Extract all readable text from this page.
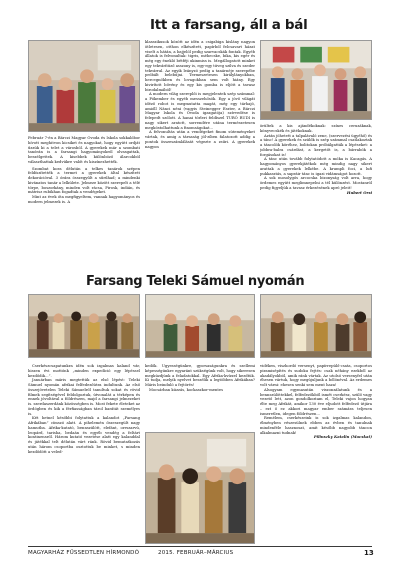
Itt a farsang, áll a bál

Február 7-én a Bárczi Magyar Óvoda és Iskola sokkalóbor hívott meghitvon kicsiket és nagyokat, hogy együtt ordját űzzük ki a telet a városból. A gyerekek már a szombati tanórán is a farsangi hagyományokról olvasgattak, beszélgettek. A kisebbek különböző álarcokból választhattak kedvükre valót és kiszínezhették.

Szombat kora délután a telkes tanárok szépen feldíszítették a termet a gyerekek által készített dekorációval. 3 órára összegyűlt a sűrűhad; a mindenki kivánatos tanár a lelkülete. Jelmeze között szerepelt a télé törpe, boszorkány, minden volt rácsa, Pirosk, indián, és mátrisz rubikhan fogadtak a vendégeket.

Mint az évek óta megfigyeltem, vannak hagyományos és modern jelmezek is. A

klasszikusok között az idén a csigabiga kislány nagyon ötletesen, otthon elkészített, papírból felcsavart házat viselt a hátán, a bajjelöl pedig szarvacskák fontak. Egyéb állatok is felvonultak: tigris, méhecske, bika, kis egér és még egy énekló bétféji ukinmiss is. Megállogatott minket egy tekvárítüző asszony is, egy-egy tüveg szilva és szeder tekvárral. Az egyik leányzó pedig a tanárnéje szerepébe próbált belebújni. Termeszetesen királylányokban, hercegnőkben és lovagokban sem volt hiány. Egy kivirított bővény és egy kis gomba is eljött a tavasz birodalmából!

A modern világ szereplői is megjelentek szép számmal: a Pókember és egyéb messzehősök. Egy a jövő világát idéző robot is megmutatta magát, még egy tárhajó, amióll Nánci néni (vagyis Steinegger Eszter, a Bárczi Magyar Iskola és Óvoda igazgatója) szívvedése is felepedt szólott. A hanai törleri feldíszel TURÓ RUDI is nagy sikert aratott, sorrendére utána természetesen megkóstolhattunk a finomságokat...

A felvonultás után a vendégeket finom süteményeket vártak, és amig a társaság jól-zíben falatozott addig a pontok összeszámlálását végezte a zsűri. A gyerekek nagyon

örültek a kis ajándékoknak: színes ceruzáknak, könyvecskék és játékoknak.

Aztán jöhetett a talpalávaló zene, (szervezési ügyéhő) és a tánc! A gyerekek és szülők is szép számmal csatlakoztak a táncolók köréhez, bolitokan próbálgatták a lépéseket: a jobbra-balra csárdást, a kergetőt is, a bárrabók a forgásokat is!

A tánc után tovább folytatódott a móka is Kacagás. A hagyományos gyerekjátékok még mindig nagy sikert arattak a gyerekek lelkébe. A krumpli foci, a lufi pukkasztás, a sapráir tánc is igazi vidámságot hozott.

A sok mosolygós arcocska bizonyság volt arra, hogy ördemes együtt meglimnepelni a tél különzést. Mostanról pedig figyeljük a tavasz érkezésének apró jeleit!

Hubert Orsi

Farsang Teleki Sámuel nyomán

Cserkészcsapatunkra idén sok izgalmas kaland vár, hiszen évi mottónk „minden expedíció egy lépéssel kezdődik...”.

Januárban máris megtettük az első lépést: Teleki Sámuel nyomán afrikai felfedezőútra indultunk. Az első összejövetelen Teleki Sámuelről tanultuk sokat és rövid filmek segítségével feldolgoztuk, útvonalát a térképen és ennek jóvoltával a földrészen, majd a farsangi jelmezeket is. szerdaszerdánk közösségben is. Most fekete életeket az ördögben és kik a férfiasságban tárol barátát személyes is.

Két hetnel későbbi folytattuk a kalandot „Farsang Afrikában” címszó alatt. A pihelemén őszeszegült nagy hamutba. Afrika-kutató, bennszülött, elefánt, orrszarvú, leopárd, tarisha, bedaán és egyéb vendég a feltárt kontinensről. Három kutató vezetése alatt egy kalanddal és játékkal telt délután várt ránk. Rövid bemutatkozás után három csoportba osztottuk be minket, s minden kezdődött a veled-

kedők. Ügyességünkre, gyorsaságunkra és szellemi képességünkre egyaránt szükségünk volt, hogy sikeresen megküzdjünk a feladatokkal. Egy Afrika-kvízzel kezdtük. Ki tudja, melyik nyelvet beszélik a legtöbben Afrikában? Máris beinduló a fejtörés!

Mocsárban küzzás, kockaszkor-mentes

vidéken, viszhordó versenyt, papírrepülő-csata, csoportos piramisépítés és sudoku fejtés: csak néhány ezekből az akadályokból, amik ránk vártak. Az utolsó versenyfel után éhesen vártuk, hogy megújuljunk a bőlónéval. Az erdemes volt várni: ehesen senki sem ment haza!

Alsogyam egymasután viszonzálatunk és a bennszülöttekkel, felfedezőkből ismét cserkész, szülő vagy vezető lett, azon gondolkoztam el, Teleki vajon hogyan élte meg Afrikát, amikor 130 éve eljudott felfedező útjára – ezt ő ez akkori magyar ember számára teljesen ismeretlen, idegen földrészen...

Remélem, cserkészeink is sok izgalmas kalandon, élményben részesülnek ebben az évben és tanulnak mindenféle hasznosat, amit később nagyobb táncon alkalmazni tudnak!

Pilinszky Katalin (Macskat)

MAGYARHÁZ FÜSSEDTLEN HÍRMONDÓ	2015. FEBRUÁR–MÁRCIUS	13
